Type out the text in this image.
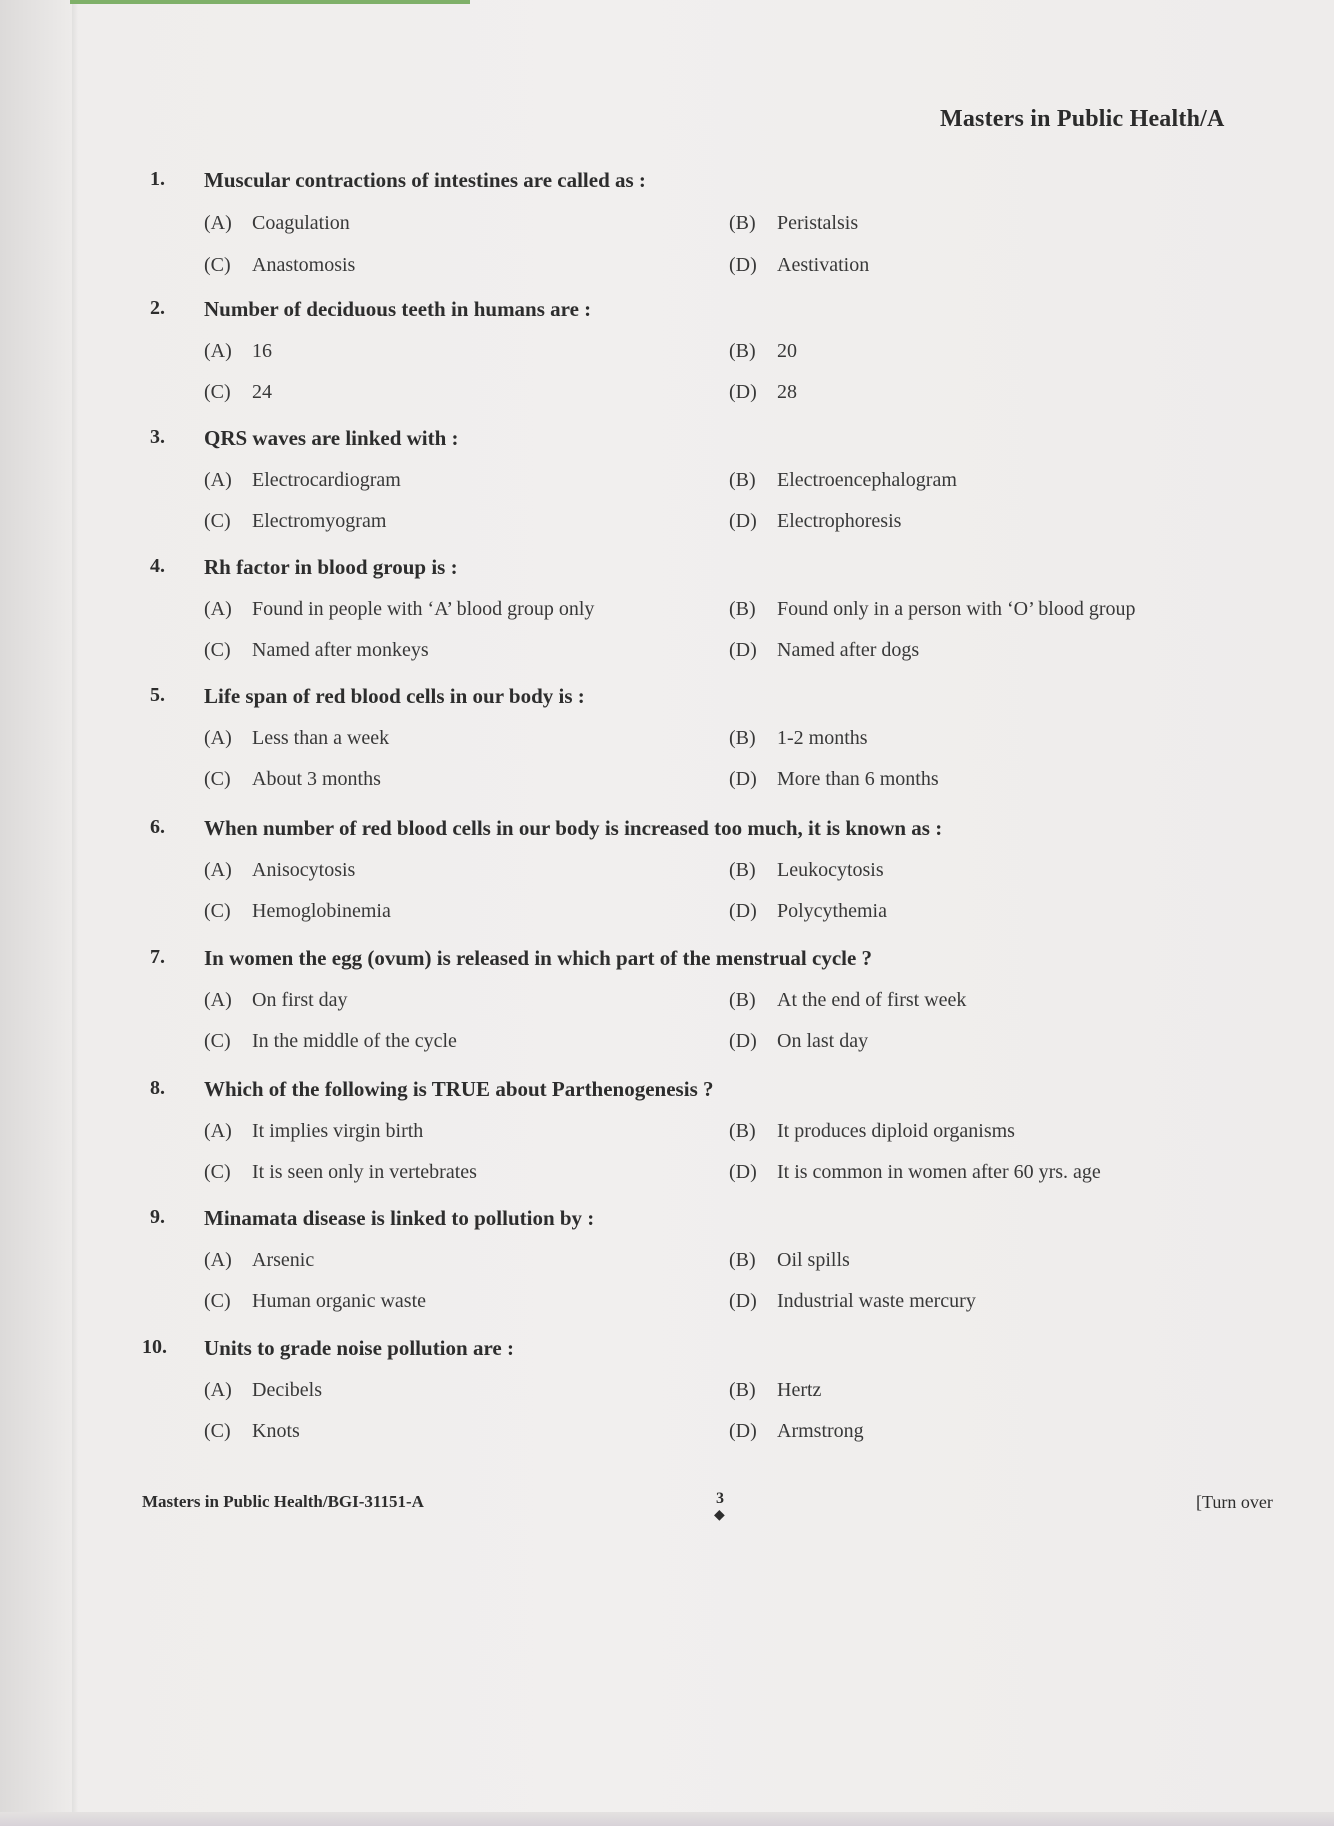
Masters in Public Health/A
1. Muscular contractions of intestines are called as :
(A) Coagulation	(B) Peristalsis
(C) Anastomosis	(D) Aestivation
2. Number of deciduous teeth in humans are :
(A) 16	(B) 20
(C) 24	(D) 28
3. QRS waves are linked with :
(A) Electrocardiogram	(B) Electroencephalogram
(C) Electromyogram	(D) Electrophoresis
4. Rh factor in blood group is :
(A) Found in people with ‘A’ blood group only	(B) Found only in a person with ‘O’ blood group
(C) Named after monkeys	(D) Named after dogs
5. Life span of red blood cells in our body is :
(A) Less than a week	(B) 1-2 months
(C) About 3 months	(D) More than 6 months
6. When number of red blood cells in our body is increased too much, it is known as :
(A) Anisocytosis	(B) Leukocytosis
(C) Hemoglobinemia	(D) Polycythemia
7. In women the egg (ovum) is released in which part of the menstrual cycle ?
(A) On first day	(B) At the end of first week
(C) In the middle of the cycle	(D) On last day
8. Which of the following is TRUE about Parthenogenesis ?
(A) It implies virgin birth	(B) It produces diploid organisms
(C) It is seen only in vertebrates	(D) It is common in women after 60 yrs. age
9. Minamata disease is linked to pollution by :
(A) Arsenic	(B) Oil spills
(C) Human organic waste	(D) Industrial waste mercury
10. Units to grade noise pollution are :
(A) Decibels	(B) Hertz
(C) Knots	(D) Armstrong
Masters in Public Health/BGI-31151-A	3
◆
[Turn over
